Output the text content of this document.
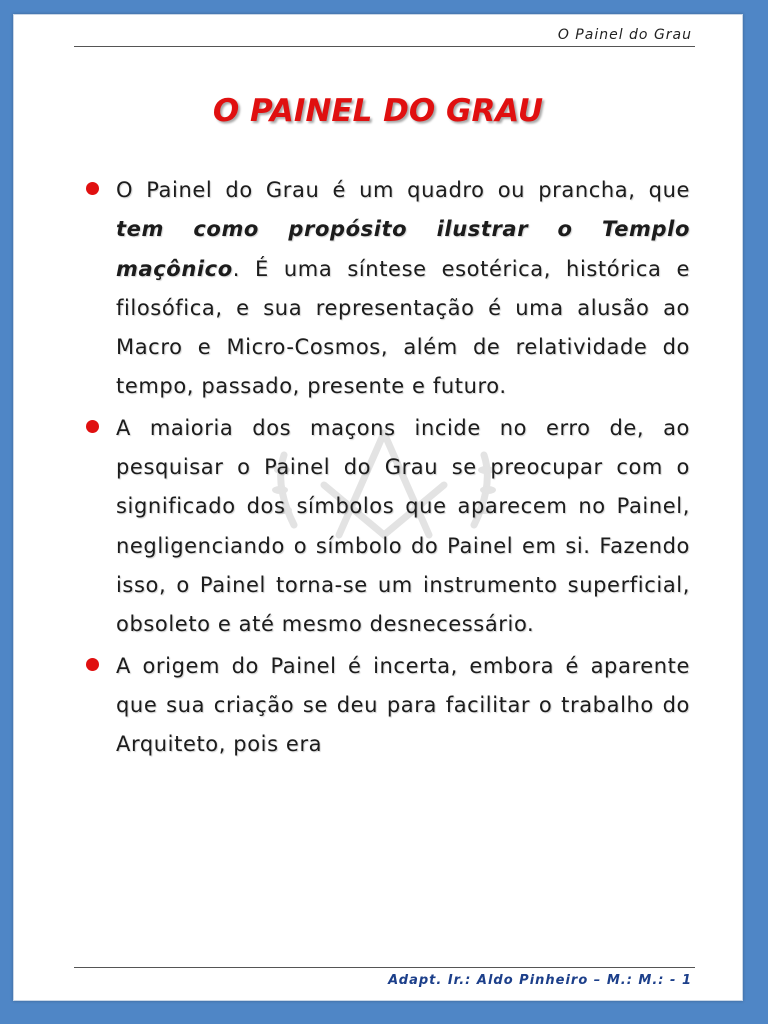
O Painel do Grau
O PAINEL DO GRAU
O Painel do Grau é um quadro ou prancha, que tem como propósito ilustrar o Templo maçônico. É uma síntese esotérica, histórica e filosófica, e sua representação é uma alusão ao Macro e Micro-Cosmos, além de relatividade do tempo, passado, presente e futuro.
A maioria dos maçons incide no erro de, ao pesquisar o Painel do Grau se preocupar com o significado dos símbolos que aparecem no Painel, negligenciando o símbolo do Painel em si. Fazendo isso, o Painel torna-se um instrumento superficial, obsoleto e até mesmo desnecessário.
A origem do Painel é incerta, embora é aparente que sua criação se deu para facilitar o trabalho do Arquiteto, pois era
Adapt. Ir.: Aldo Pinheiro – M.: M.: - 1
